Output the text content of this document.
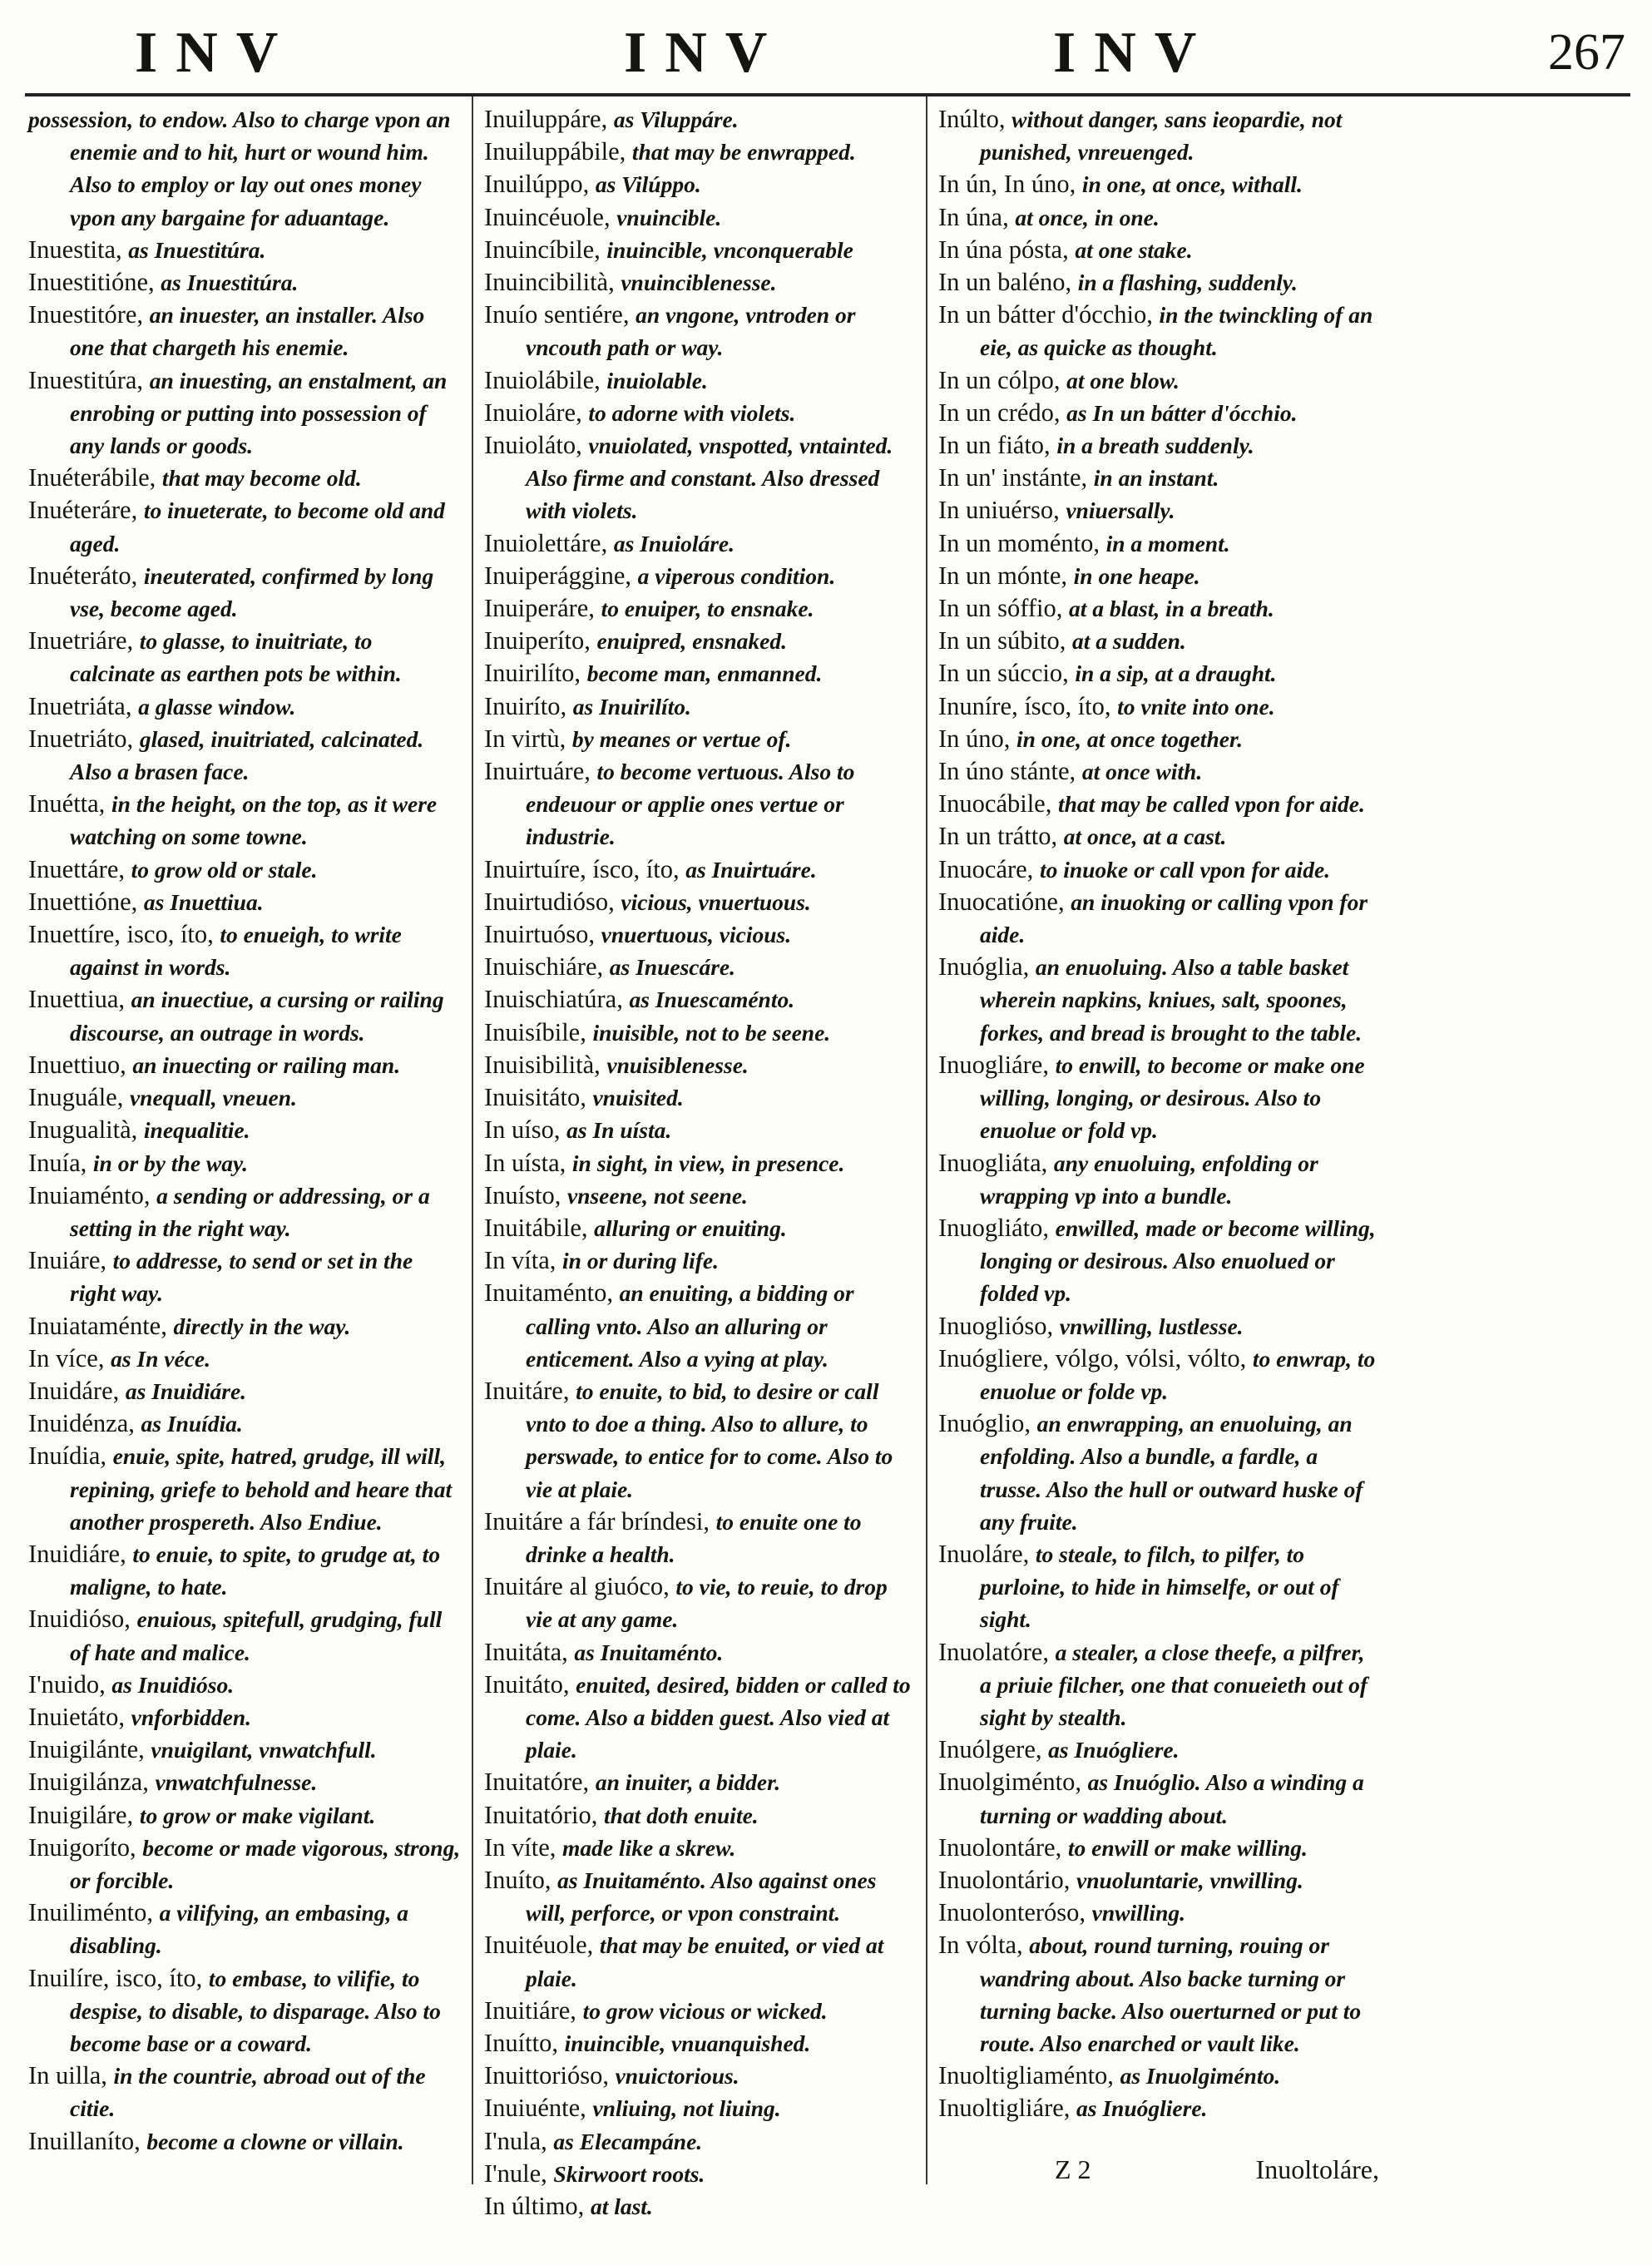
INV	INV	INV	267

possession, to endow. Also to charge vpon an enemie and to hit, hurt or wound him. Also to employ or lay out ones money vpon any bargaine for aduantage.

Inuestita, as Inuestitúra.

Inuestitióne, as Inuestitúra.

Inuestitóre, an inuester, an installer. Also one that chargeth his enemie.

Inuestitúra, an inuesting, an enstalment, an enrobing or putting into possession of any lands or goods.

Inuéterábile, that may become old.

Inuéteráre, to inueterate, to become old and aged.

Inuéteráto, ineuterated, confirmed by long vse, become aged.

Inuetriáre, to glasse, to inuitriate, to calcinate as earthen pots be within.

Inuetriáta, a glasse window.

Inuetriáto, glased, inuitriated, calcinated. Also a brasen face.

Inuétta, in the height, on the top, as it were watching on some towne.

Inuettáre, to grow old or stale.

Inuettióne, as Inuettiua.

Inuettíre, isco, íto, to enueigh, to write against in words.

Inuettiua, an inuectiue, a cursing or railing discourse, an outrage in words.

Inuettiuo, an inuecting or railing man.

Inuguále, vnequall, vneuen.

Inugualità, inequalitie.

Inuía, in or by the way.

Inuiaménto, a sending or addressing, or a setting in the right way.

Inuiáre, to addresse, to send or set in the right way.

Inuiataménte, directly in the way.

In více, as In véce.

Inuidáre, as Inuidiáre.

Inuidénza, as Inuídia.

Inuídia, enuie, spite, hatred, grudge, ill will, repining, griefe to behold and heare that another prospereth. Also Endiue.

Inuidiáre, to enuie, to spite, to grudge at, to maligne, to hate.

Inuidióso, enuious, spitefull, grudging, full of hate and malice.

I'nuido, as Inuidióso.

Inuietáto, vnforbidden.

Inuigilánte, vnuigilant, vnwatchfull.

Inuigilánza, vnwatchfulnesse.

Inuigiláre, to grow or make vigilant.

Inuigoríto, become or made vigorous, strong, or forcible.

Inuiliménto, a vilifying, an embasing, a disabling.

Inuilíre, isco, íto, to embase, to vilifie, to despise, to disable, to disparage. Also to become base or a coward.

In uilla, in the countrie, abroad out of the citie.

Inuillaníto, become a clowne or villain.

Inuiluppáre, as Viluppáre.

Inuiluppábile, that may be enwrapped.

Inuilúppo, as Vilúppo.

Inuincéuole, vnuincible.

Inuincíbile, inuincible, vnconquerable

Inuincibilità, vnuinciblenesse.

Inuío sentiére, an vngone, vntroden or vncouth path or way.

Inuiolábile, inuiolable.

Inuioláre, to adorne with violets.

Inuioláto, vnuiolated, vnspotted, vntainted. Also firme and constant. Also dressed with violets.

Inuiolettáre, as Inuioláre.

Inuiperággine, a viperous condition.

Inuiperáre, to enuiper, to ensnake.

Inuiperíto, enuipred, ensnaked.

Inuirilíto, become man, enmanned.

Inuiríto, as Inuirilíto.

In virtù, by meanes or vertue of.

Inuirtuáre, to become vertuous. Also to endeuour or applie ones vertue or industrie.

Inuirtuíre, ísco, íto, as Inuirtuáre.

Inuirtudióso, vicious, vnuertuous.

Inuirtuóso, vnuertuous, vicious.

Inuischiáre, as Inuescáre.

Inuischiatúra, as Inuescaménto.

Inuisíbile, inuisible, not to be seene.

Inuisibilità, vnuisiblenesse.

Inuisitáto, vnuisited.

In uíso, as In uísta.

In uísta, in sight, in view, in presence.

Inuísto, vnseene, not seene.

Inuitábile, alluring or enuiting.

In víta, in or during life.

Inuitaménto, an enuiting, a bidding or calling vnto. Also an alluring or enticement. Also a vying at play.

Inuitáre, to enuite, to bid, to desire or call vnto to doe a thing. Also to allure, to perswade, to entice for to come. Also to vie at plaie.

Inuitáre a fár bríndesi, to enuite one to drinke a health.

Inuitáre al giuóco, to vie, to reuie, to drop vie at any game.

Inuitáta, as Inuitaménto.

Inuitáto, enuited, desired, bidden or called to come. Also a bidden guest. Also vied at plaie.

Inuitatóre, an inuiter, a bidder.

Inuitatório, that doth enuite.

In víte, made like a skrew.

Inuíto, as Inuitaménto. Also against ones will, perforce, or vpon constraint.

Inuitéuole, that may be enuited, or vied at plaie.

Inuitiáre, to grow vicious or wicked.

Inuítto, inuincible, vnuanquished.

Inuittorióso, vnuictorious.

Inuiuénte, vnliuing, not liuing.

I'nula, as Elecampáne.

I'nule, Skirwoort roots.

In último, at last.

Inúlto, without danger, sans ieopardie, not punished, vnreuenged.

In ún, In úno, in one, at once, withall.

In úna, at once, in one.

In úna pósta, at one stake.

In un baléno, in a flashing, suddenly.

In un bátter d'ócchio, in the twinckling of an eie, as quicke as thought.

In un cólpo, at one blow.

In un crédo, as In un bátter d'ócchio.

In un fiáto, in a breath suddenly.

In un' instánte, in an instant.

In uniuérso, vniuersally.

In un moménto, in a moment.

In un mónte, in one heape.

In un sóffio, at a blast, in a breath.

In un súbito, at a sudden.

In un súccio, in a sip, at a draught.

Inuníre, ísco, íto, to vnite into one.

In úno, in one, at once together.

In úno stánte, at once with.

Inuocábile, that may be called vpon for aide.

In un trátto, at once, at a cast.

Inuocáre, to inuoke or call vpon for aide.

Inuocatióne, an inuoking or calling vpon for aide.

Inuóglia, an enuoluing. Also a table basket wherein napkins, kniues, salt, spoones, forkes, and bread is brought to the table.

Inuogliáre, to enwill, to become or make one willing, longing, or desirous. Also to enuolue or fold vp.

Inuogliáta, any enuoluing, enfolding or wrapping vp into a bundle.

Inuogliáto, enwilled, made or become willing, longing or desirous. Also enuolued or folded vp.

Inuoglióso, vnwilling, lustlesse.

Inuógliere, vólgo, vólsi, vólto, to enwrap, to enuolue or folde vp.

Inuóglio, an enwrapping, an enuoluing, an enfolding. Also a bundle, a fardle, a trusse. Also the hull or outward huske of any fruite.

Inuoláre, to steale, to filch, to pilfer, to purloine, to hide in himselfe, or out of sight.

Inuolatóre, a stealer, a close theefe, a pilfrer, a priuie filcher, one that conueieth out of sight by stealth.

Inuólgere, as Inuógliere.

Inuolgiménto, as Inuóglio. Also a winding a turning or wadding about.

Inuolontáre, to enwill or make willing.

Inuolontário, vnuoluntarie, vnwilling.

Inuolonteróso, vnwilling.

In vólta, about, round turning, rouing or wandring about. Also backe turning or turning backe. Also ouerturned or put to route. Also enarched or vault like.

Inuoltigliaménto, as Inuolgiménto.

Inuoltigliáre, as Inuógliere.

Z 2	Inuoltoláre,
